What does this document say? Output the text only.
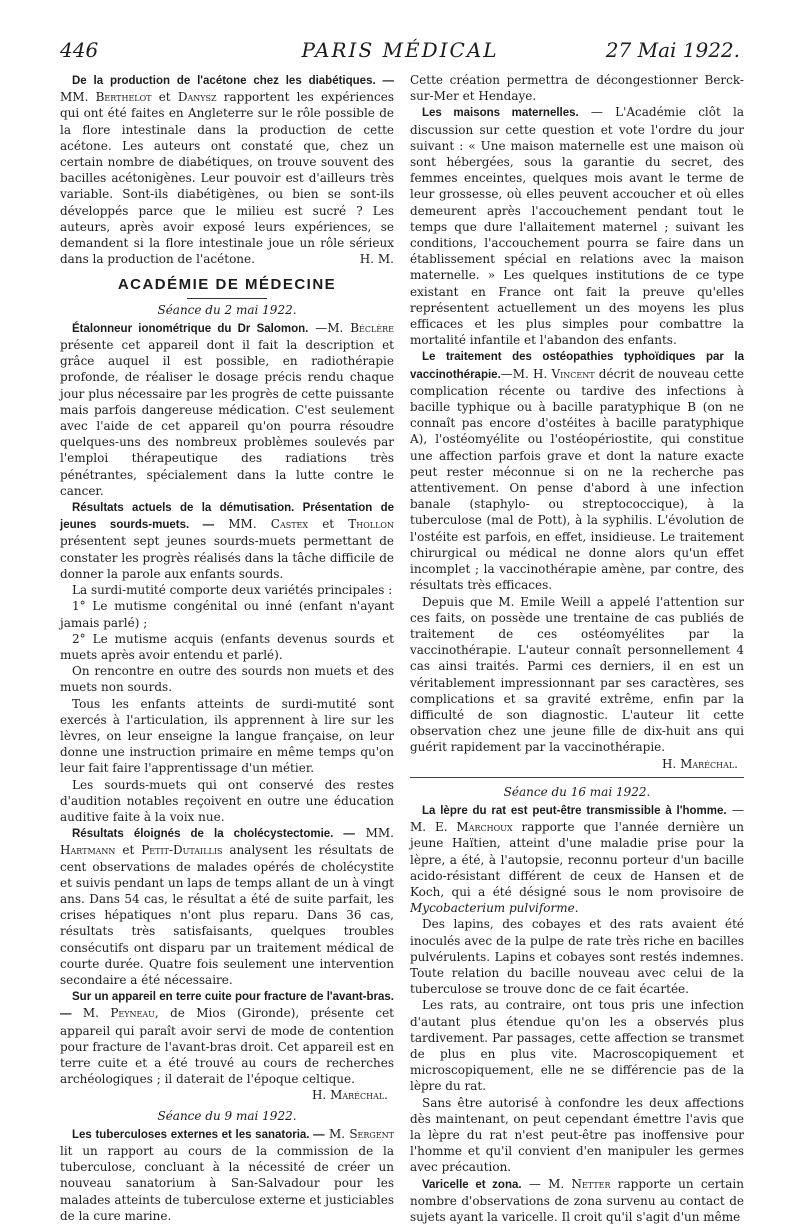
446	PARIS MÉDICAL	27 Mai 1922.

De la production de l'acétone chez les diabétiques. — MM. Berthelot et Danysz rapportent les expériences qui ont été faites en Angleterre sur le rôle possible de la flore intestinale dans la production de cette acétone. Les auteurs ont constaté que, chez un certain nombre de diabétiques, on trouve souvent des bacilles acétonigènes. Leur pouvoir est d'ailleurs très variable. Sont-ils diabétigènes, ou bien se sont-ils développés parce que le milieu est sucré ? Les auteurs, après avoir exposé leurs expériences, se demandent si la flore intestinale joue un rôle sérieux dans la production de l'acétone.	H. M.

ACADÉMIE DE MÉDECINE

Séance du 2 mai 1922.

Étalonneur ionométrique du Dr Salomon. —M. Béclère présente cet appareil dont il fait la description et grâce auquel il est possible, en radiothérapie profonde, de réaliser le dosage précis rendu chaque jour plus nécessaire par les progrès de cette puissante mais parfois dangereuse médication. C'est seulement avec l'aide de cet appareil qu'on pourra résoudre quelques-uns des nombreux problèmes soulevés par l'emploi thérapeutique des radiations très pénétrantes, spécialement dans la lutte contre le cancer.

Résultats actuels de la démutisation. Présentation de jeunes sourds-muets. — MM. Castex et Thollon présentent sept jeunes sourds-muets permettant de constater les progrès réalisés dans la tâche difficile de donner la parole aux enfants sourds.

La surdi-mutité comporte deux variétés principales :

1° Le mutisme congénital ou inné (enfant n'ayant jamais parlé) ;

2° Le mutisme acquis (enfants devenus sourds et muets après avoir entendu et parlé).

On rencontre en outre des sourds non muets et des muets non sourds.

Tous les enfants atteints de surdi-mutité sont exercés à l'articulation, ils apprennent à lire sur les lèvres, on leur enseigne la langue française, on leur donne une instruction primaire en même temps qu'on leur fait faire l'apprentissage d'un métier.

Les sourds-muets qui ont conservé des restes d'audition notables reçoivent en outre une éducation auditive faite à la voix nue.

Résultats éloignés de la cholécystectomie. — MM. Hartmann et Petit-Dutaillis analysent les résultats de cent observations de malades opérés de cholécystite et suivis pendant un laps de temps allant de un à vingt ans. Dans 54 cas, le résultat a été de suite parfait, les crises hépatiques n'ont plus reparu. Dans 36 cas, résultats très satisfaisants, quelques troubles consécutifs ont disparu par un traitement médical de courte durée. Quatre fois seulement une intervention secondaire a été nécessaire.

Sur un appareil en terre cuite pour fracture de l'avant-bras. — M. Peyneau, de Mios (Gironde), présente cet appareil qui paraît avoir servi de mode de contention pour fracture de l'avant-bras droit. Cet appareil est en terre cuite et a été trouvé au cours de recherches archéologiques ; il daterait de l'époque celtique.

H. Maréchal.

Séance du 9 mai 1922.

Les tuberculoses externes et les sanatoria. — M. Sergent lit un rapport au cours de la commission de la tuberculose, concluant à la nécessité de créer un nouveau sanatorium à San-Salvadour pour les malades atteints de tuberculose externe et justiciables de la cure marine.

Cette création permettra de décongestionner Berck-sur-Mer et Hendaye.

Les maisons maternelles. — L'Académie clôt la discussion sur cette question et vote l'ordre du jour suivant : « Une maison maternelle est une maison où sont hébergées, sous la garantie du secret, des femmes enceintes, quelques mois avant le terme de leur grossesse, où elles peuvent accoucher et où elles demeurent après l'accouchement pendant tout le temps que dure l'allaitement maternel ; suivant les conditions, l'accouchement pourra se faire dans un établissement spécial en relations avec la maison maternelle. » Les quelques institutions de ce type existant en France ont fait la preuve qu'elles représentent actuellement un des moyens les plus efficaces et les plus simples pour combattre la mortalité infantile et l'abandon des enfants.

Le traitement des ostéopathies typhoïdiques par la vaccinothérapie.—M. H. Vincent décrit de nouveau cette complication récente ou tardive des infections à bacille typhique ou à bacille paratyphique B (on ne connaît pas encore d'ostéites à bacille paratyphique A), l'ostéomyélite ou l'ostéopériostite, qui constitue une affection parfois grave et dont la nature exacte peut rester méconnue si on ne la recherche pas attentivement. On pense d'abord à une infection banale (staphylo- ou streptococcique), à la tuberculose (mal de Pott), à la syphilis. L'évolution de l'ostéite est parfois, en effet, insidieuse. Le traitement chirurgical ou médical ne donne alors qu'un effet incomplet ; la vaccinothérapie amène, par contre, des résultats très efficaces.

Depuis que M. Emile Weill a appelé l'attention sur ces faits, on possède une trentaine de cas publiés de traitement de ces ostéomyélites par la vaccinothérapie. L'auteur connaît personnellement 4 cas ainsi traités. Parmi ces derniers, il en est un véritablement impressionnant par ses caractères, ses complications et sa gravité extrême, enfin par la difficulté de son diagnostic. L'auteur lit cette observation chez une jeune fille de dix-huit ans qui guérit rapidement par la vaccinothérapie.

H. Maréchal.

Séance du 16 mai 1922.

La lèpre du rat est peut-être transmissible à l'homme. — M. E. Marchoux rapporte que l'année dernière un jeune Haïtien, atteint d'une maladie prise pour la lèpre, a été, à l'autopsie, reconnu porteur d'un bacille acido-résistant différent de ceux de Hansen et de Koch, qui a été désigné sous le nom provisoire de Mycobacterium pulviforme.

Des lapins, des cobayes et des rats avaient été inoculés avec de la pulpe de rate très riche en bacilles pulvérulents. Lapins et cobayes sont restés indemnes. Toute relation du bacille nouveau avec celui de la tuberculose se trouve donc de ce fait écartée.

Les rats, au contraire, ont tous pris une infection d'autant plus étendue qu'on les a observés plus tardivement. Par passages, cette affection se transmet de plus en plus vite. Macroscopiquement et microscopiquement, elle ne se différencie pas de la lèpre du rat.

Sans être autorisé à confondre les deux affections dès maintenant, on peut cependant émettre l'avis que la lèpre du rat n'est peut-être pas inoffensive pour l'homme et qu'il convient d'en manipuler les germes avec précaution.

Varicelle et zona. — M. Netter rapporte un certain nombre d'observations de zona survenu au contact de sujets ayant la varicelle. Il croit qu'il s'agit d'un même
